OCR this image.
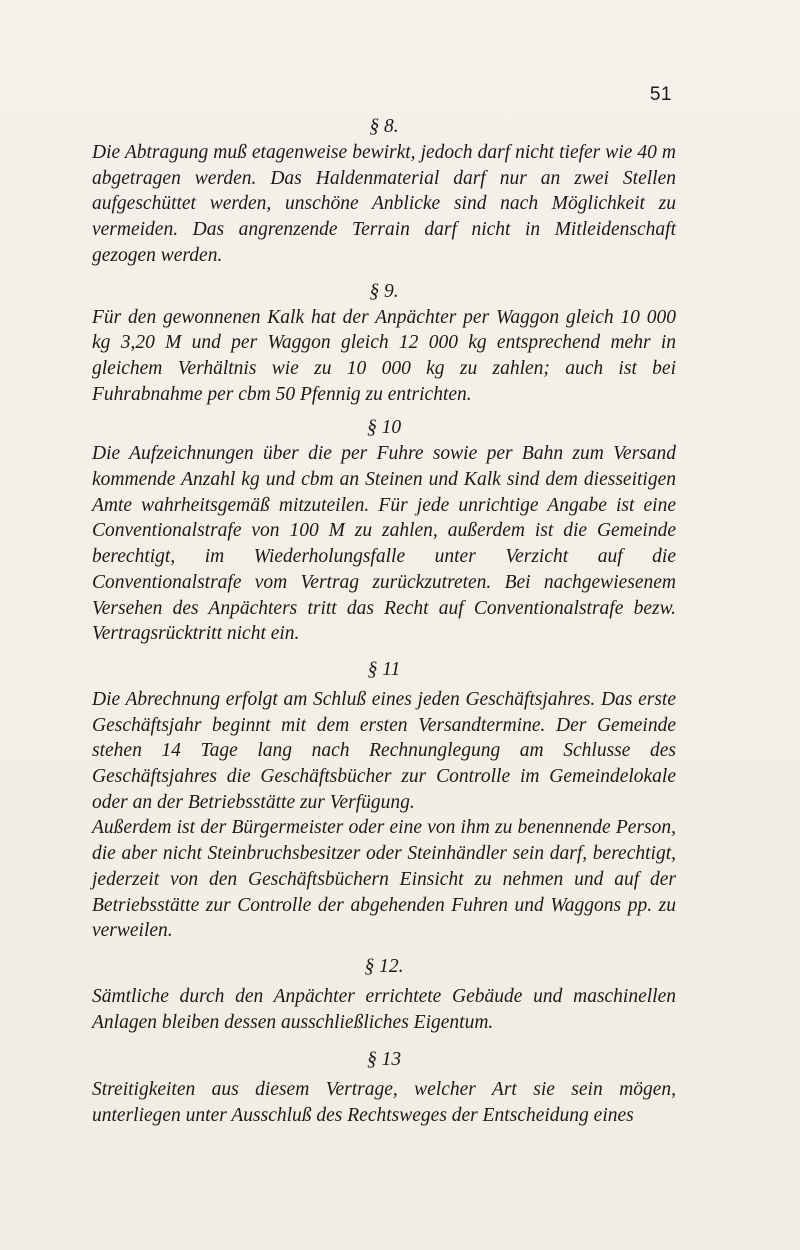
51

§ 8.

Die Abtragung muß etagenweise bewirkt, jedoch darf nicht tiefer wie 40 m abgetragen werden. Das Haldenmaterial darf nur an zwei Stellen aufgeschüttet werden, unschöne Anblicke sind nach Möglichkeit zu vermeiden. Das angrenzende Terrain darf nicht in Mitleidenschaft gezogen werden.

§ 9.

Für den gewonnenen Kalk hat der Anpächter per Waggon gleich 10 000 kg 3,20 M und per Waggon gleich 12 000 kg entsprechend mehr in gleichem Verhältnis wie zu 10 000 kg zu zahlen; auch ist bei Fuhrabnahme per cbm 50 Pfennig zu entrichten.

§ 10

Die Aufzeichnungen über die per Fuhre sowie per Bahn zum Versand kommende Anzahl kg und cbm an Steinen und Kalk sind dem diesseitigen Amte wahrheitsgemäß mitzuteilen. Für jede unrichtige Angabe ist eine Conventionalstrafe von 100 M zu zahlen, außerdem ist die Gemeinde berechtigt, im Wiederholungsfalle unter Verzicht auf die Conventionalstrafe vom Vertrag zurückzutreten. Bei nachgewiesenem Versehen des Anpächters tritt das Recht auf Conventionalstrafe bezw. Vertragsrücktritt nicht ein.

§ 11

Die Abrechnung erfolgt am Schluß eines jeden Geschäftsjahres. Das erste Geschäftsjahr beginnt mit dem ersten Versandtermine. Der Gemeinde stehen 14 Tage lang nach Rechnunglegung am Schlusse des Geschäftsjahres die Geschäftsbücher zur Controlle im Gemeindelokale oder an der Betriebsstätte zur Verfügung.

Außerdem ist der Bürgermeister oder eine von ihm zu benennende Person, die aber nicht Steinbruchsbesitzer oder Steinhändler sein darf, berechtigt, jederzeit von den Geschäftsbüchern Einsicht zu nehmen und auf der Betriebsstätte zur Controlle der abgehenden Fuhren und Waggons pp. zu verweilen.

§ 12.

Sämtliche durch den Anpächter errichtete Gebäude und maschinellen Anlagen bleiben dessen ausschließliches Eigentum.

§ 13

Streitigkeiten aus diesem Vertrage, welcher Art sie sein mögen, unterliegen unter Ausschluß des Rechtsweges der Entscheidung eines
